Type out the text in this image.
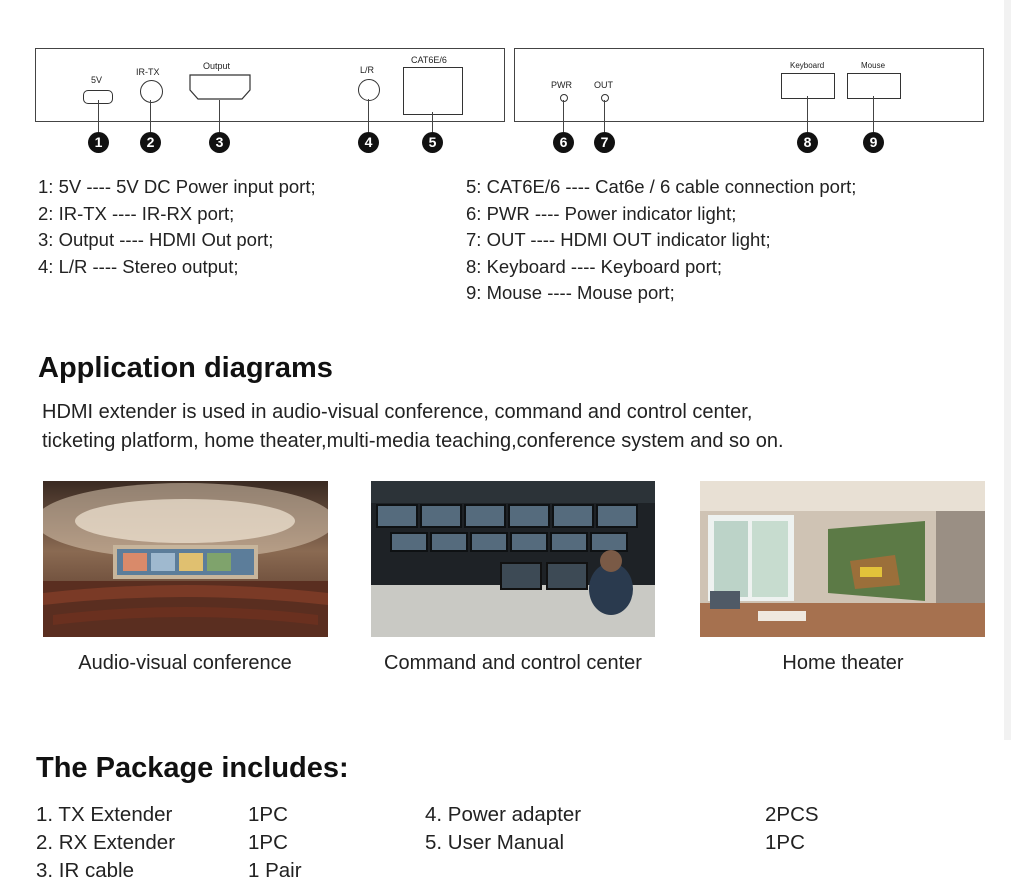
5V
IR-TX
Output	L/R
CAT6E/6
PWR OUT
Keyboard	Mouse
1	2	3	4	5	6	7	8	9
1: 5V ---- 5V DC Power input port;
2: IR-TX ---- IR-RX port;
3: Output ---- HDMI Out port;
4: L/R ---- Stereo output;
5: CAT6E/6 ---- Cat6e / 6 cable connection port;
6: PWR ---- Power indicator light;
7: OUT ---- HDMI OUT indicator light;
8: Keyboard ---- Keyboard port;
9: Mouse ---- Mouse port;
Application diagrams
HDMI extender is used in audio-visual conference, command and control center,
ticketing platform, home theater,multi-media teaching,conference system and so on.
Audio-visual conference	Command and control center	Home theater
The Package includes:
1. TX Extender	1PC
2. RX Extender	1PC
3. IR cable	1 Pair
4. Power adapter	2PCS
5. User Manual	1PC
